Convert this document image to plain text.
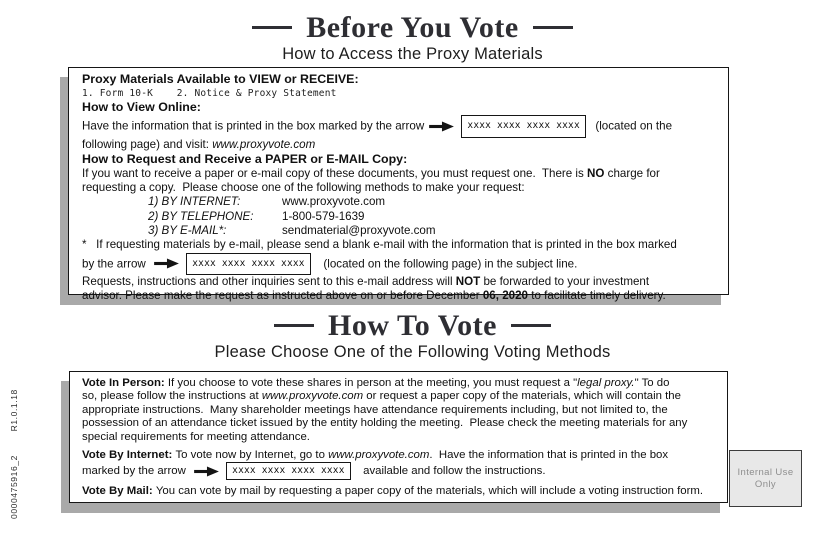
Before You Vote
How to Access the Proxy Materials
Proxy Materials Available to VIEW or RECEIVE:
1. Form 10-K    2. Notice & Proxy Statement
How to View Online:
Have the information that is printed in the box marked by the arrow	xxxx xxxx xxxx xxxx  (located on the
following page) and visit: www.proxyvote.com
How to Request and Receive a PAPER or E-MAIL Copy:
If you want to receive a paper or e-mail copy of these documents, you must request one.  There is NO charge for
requesting a copy.  Please choose one of the following methods to make your request:
1) BY INTERNET:	www.proxyvote.com
2) BY TELEPHONE: 1-800-579-1639
3) BY E-MAIL*:	sendmaterial@proxyvote.com
*   If requesting materials by e-mail, please send a blank e-mail with the information that is printed in the box marked
by the arrow	xxxx xxxx xxxx xxxx   (located on the following page) in the subject line.
Requests, instructions and other inquiries sent to this e-mail address will NOT be forwarded to your investment
advisor. Please make the request as instructed above on or before December 06, 2020 to facilitate timely delivery.
How To Vote
Please Choose One of the Following Voting Methods
Vote In Person: If you choose to vote these shares in person at the meeting, you must request a "legal proxy." To do
so, please follow the instructions at www.proxyvote.com or request a paper copy of the materials, which will contain the
appropriate instructions.  Many shareholder meetings have attendance requirements including, but not limited to, the
possession of an attendance ticket issued by the entity holding the meeting.  Please check the meeting materials for any
special requirements for meeting attendance.
Vote By Internet: To vote now by Internet, go to www.proxyvote.com.  Have the information that is printed in the box
marked by the arrow	xxxx xxxx xxxx xxxx   available and follow the instructions.
Vote By Mail: You can vote by mail by requesting a paper copy of the materials, which will include a voting instruction form.
Internal Use
Only
0000475916_2        R1.0.1.18
